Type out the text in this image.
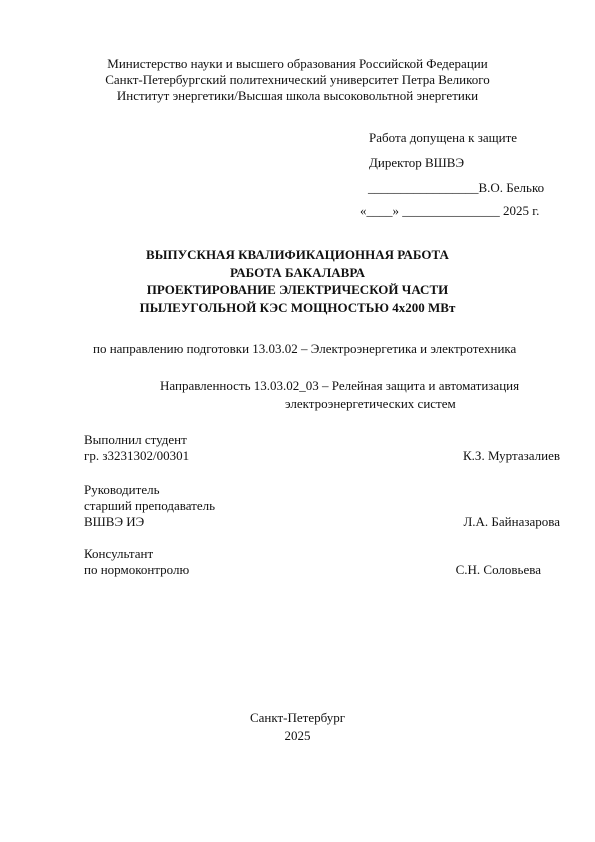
Министерство науки и высшего образования Российской Федерации
Санкт-Петербургский политехнический университет Петра Великого
Институт энергетики/Высшая школа высоковольтной энергетики
Работа допущена к защите
Директор ВШВЭ
_________________В.О. Белько
«____» _______________ 2025 г.
ВЫПУСКНАЯ КВАЛИФИКАЦИОННАЯ РАБОТА
РАБОТА БАКАЛАВРА
ПРОЕКТИРОВАНИЕ ЭЛЕКТРИЧЕСКОЙ ЧАСТИ
ПЫЛЕУГОЛЬНОЙ КЭС МОЩНОСТЬЮ 4х200 МВт
по направлению подготовки 13.03.02 – Электроэнергетика и электротехника
Направленность 13.03.02_03 – Релейная защита и автоматизация
электроэнергетических систем
Выполнил студент
гр. з3231302/00301	К.З. Муртазалиев
Руководитель
старший преподаватель
ВШВЭ ИЭ	Л.А. Байназарова
Консультант
по нормоконтролю	С.Н. Соловьева
Санкт-Петербург
2025
